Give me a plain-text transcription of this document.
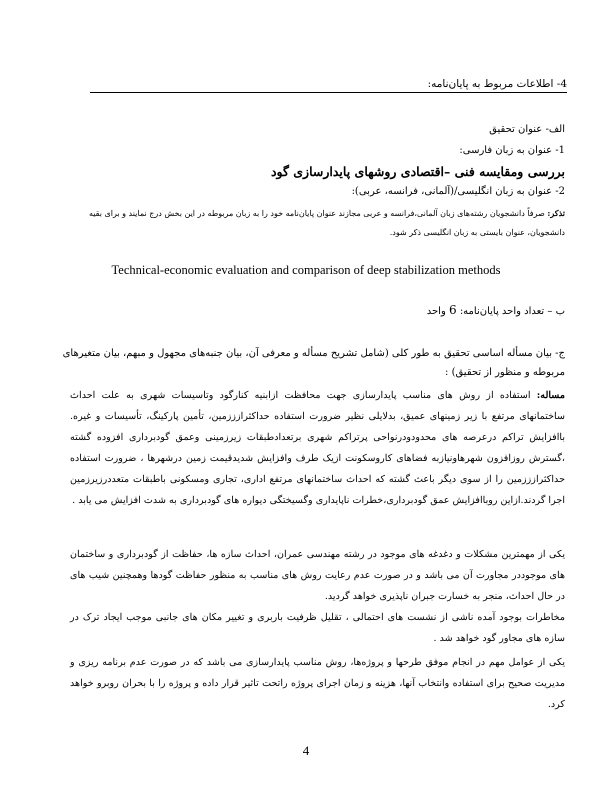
4- اطلاعات مربوط به پایان‌نامه:
الف- عنوان تحقیق
1- عنوان به زبان فارسی:
بررسی ومقایسه فنی –اقتصادی روشهای پایدارسازی گود
2- عنوان به زبان انگلیسی/(آلمانی، فرانسه، عربی):
تذکر: صرفاً دانشجویان رشته‌های زبان آلمانی،فرانسه و عربی مجازند عنوان پایان‌نامه خود را به زبان مربوطه در این بخش درج نمایند و برای بقیه
دانشجویان، عنوان بایستی به زبان انگلیسی ذکر شود.
Technical-economic evaluation and comparison of deep stabilization methods
ب – تعداد واحد پایان‌نامه: 6 واحد
ج- بیان مسأله اساسی تحقیق به طور کلی (شامل تشریح مسأله و معرفی آن، بیان جنبه‌های مجهول و مبهم، بیان متغیرهای
مربوطه و منظور از تحقیق) :
مساله: استفاده از روش های مناسب پایدارسازی جهت محافظت ازابنیه کنارگود وتاسیسات شهری به علت احداث ساختمانهای مرتفع با زیر زمینهای عمیق، بدلایلی نظیر ضرورت استفاده حداکثرازززمین، تأمین پارکینگ، تأسیسات و غیره. باافزایش تراکم درعرصه های محدودودرنواحی پرتراکم شهری برتعدادطبقات زیرزمینی وعمق گودبرداری افزوده گشته ،گسترش روزافزون شهرهاونیازبه فضاهای کاروسکونت ازیک طرف وافزایش شدیدقیمت زمین درشهرها ، ضرورت استفاده حداکثرازززمین را از سوی دیگر باعث گشته که احداث ساختمانهای مرتفع اداری، تجاری ومسکونی باطبقات متعددرزیرزمین اجرا گردند.ازاین روباافزایش عمق گودبرداری،خطرات ناپایداری وگسیختگی دیواره های گودبرداری به شدت افزایش می یابد .
یکی از مهمترین مشکلات و دغدغه های موجود در رشته مهندسی عمران، احداث سازه ها، حفاظت از گودبرداری و ساختمان های موجوددر مجاورت آن می باشد و در صورت عدم رعایت روش های مناسب به منظور حفاظت گودها وهمچنین شیب های در حال احداث، منجر به خسارت جبران ناپذیری خواهد گردید.
مخاطرات بوجود آمده ناشی از نشست های احتمالی ، تقلیل ظرفیت باربری و تغییر مکان های جانبی موجب ایجاد ترک در سازه های مجاور گود خواهد شد .
یکی از عوامل مهم در انجام موفق طرحها و پروژه‌ها، روش مناسب پایدارسازی می باشد که در صورت عدم برنامه ریزی و مدیریت صحیح برای استفاده وانتخاب آنها، هزینه و زمان اجرای پروژه راتحت تاثیر قرار داده و پروژه را با بحران روبرو خواهد کرد.
4
